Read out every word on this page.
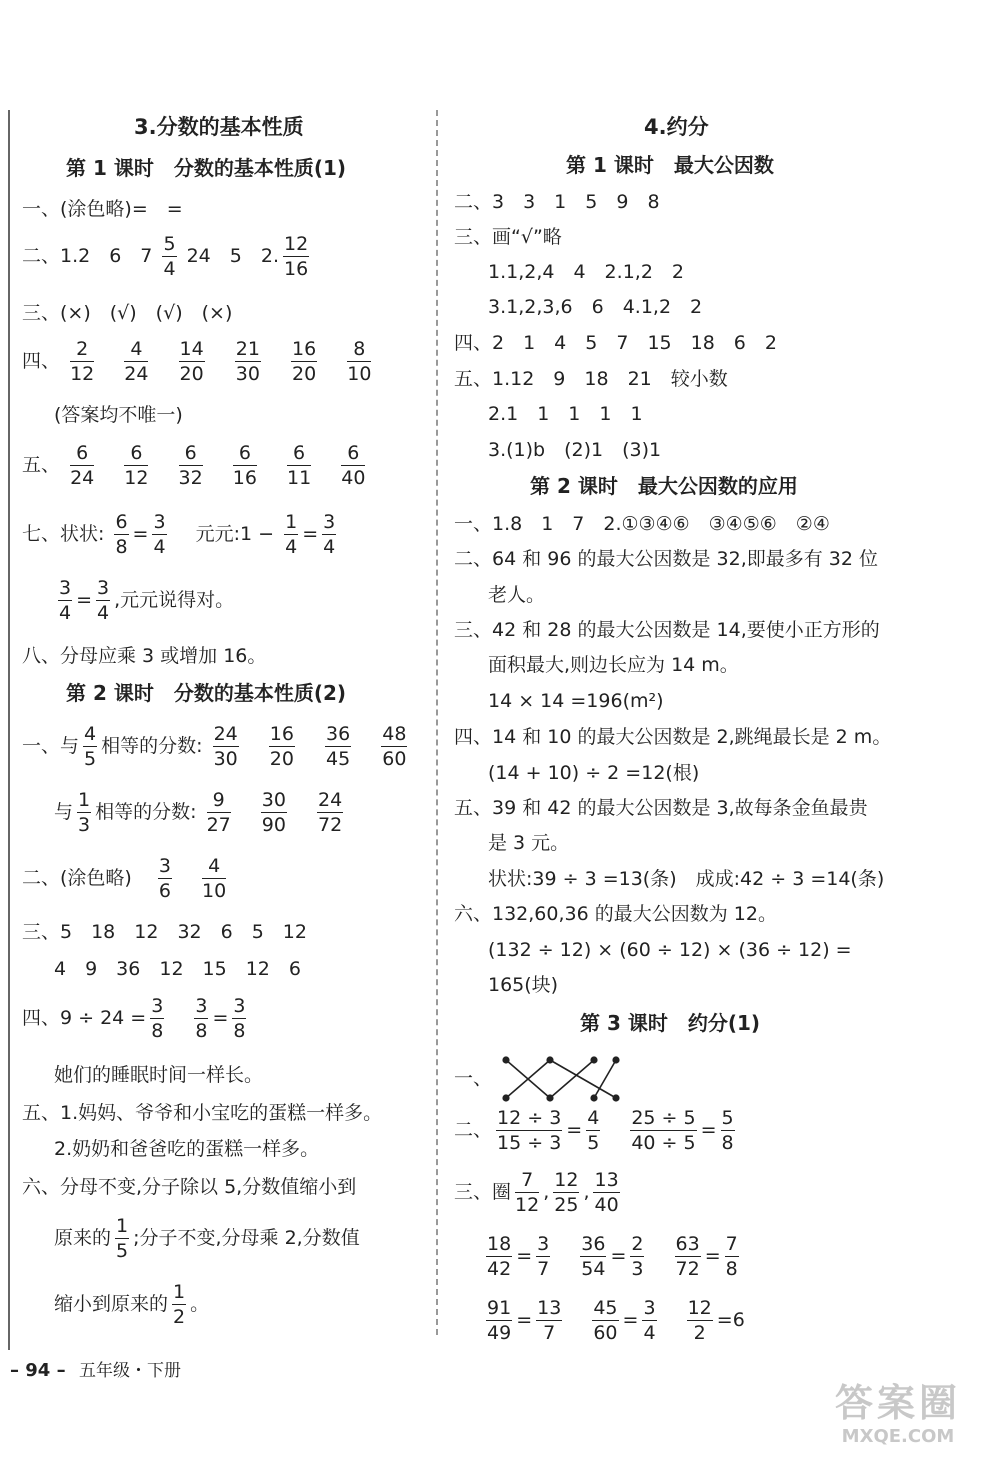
3.分数的基本性质
第 1 课时　分数的基本性质(1)
一、(涂色略)=　=
二、1.2　6　$7 \frac{5}{4} 24$　5　2. $\frac{12}{16}$
三、(×)　(√)　(√)　(×)
四、 $\frac{2}{12}$
$\frac{4}{24}$
$\frac{14}{20}$
$\frac{21}{30}$
$\frac{16}{20}$
$\frac{8}{10}$
(答案均不唯一)
五、 $\frac{6}{24}$
$\frac{6}{12}$
$\frac{6}{32}$
$\frac{6}{16}$
$\frac{6}{11}$
$\frac{6}{40}$
七、状状: $\frac{6}{8} = \frac{3}{4}$ 　元元:1 − $\frac{1}{4} = \frac{3}{4}$
$\frac{3}{4} = \frac{3}{4}$ ,元元说得对。
八、分母应乘 3 或增加 16。
第 2 课时　分数的基本性质(2)
一、与 $\frac{4}{5}$ 相等的分数: $\frac{24}{30}$
$\frac{16}{20}$
$\frac{36}{45}$
$\frac{48}{60}$
与 $\frac{1}{3}$ 相等的分数: $\frac{9}{27}$
$\frac{30}{90}$
$\frac{24}{72}$
二、(涂色略) $\frac{3}{6}$
$\frac{4}{10}$
三、5　18　12　32　6　5　12
4　9　36　12　15　12　6
四、$9 \div 24 = \frac{3}{8}$
$\frac{3}{8} = \frac{3}{8}$
她们的睡眠时间一样长。
五、1.妈妈、爷爷和小宝吃的蛋糕一样多。
2.奶奶和爸爸吃的蛋糕一样多。
六、分母不变,分子除以 5,分数值缩小到
原来的 $\frac{1}{5}$ ;分子不变,分母乘 2,分数值
缩小到原来的 $\frac{1}{2}$ 。
4.约分
第 1 课时　最大公因数
二、3　3　1　5　9　8
三、画“√”略
1.1,2,4　4　2.1,2　2
3.1,2,3,6　6　4.1,2　2
四、2　1　4　5　7　15　18　6　2
五、1.12　9　18　21　较小数
2.1　1　1　1　1
3.(1)b　(2)1　(3)1
第 2 课时　最大公因数的应用
一、1.8　1　7　2.①③④⑥　③④⑤⑥　②④
二、64 和 96 的最大公因数是 32,即最多有 32 位
老人。
三、42 和 28 的最大公因数是 14,要使小正方形的
面积最大,则边长应为 14 m。
14 × 14 =196(m²)
四、14 和 10 的最大公因数是 2,跳绳最长是 2 m。
(14 + 10) ÷ 2 =12(根)
五、39 和 42 的最大公因数是 3,故每条金鱼最贵
是 3 元。
状状:39 ÷ 3 =13(条)　成成:42 ÷ 3 =14(条)
六、132,60,36 的最大公因数为 12。
(132 ÷ 12) × (60 ÷ 12) × (36 ÷ 12) =
165(块)
第 3 课时　约分(1)
一、
二、 $\frac{12 \div 3}{15 \div 3} = \frac{4}{5}$
$\frac{25 \div 5}{40 \div 5} = \frac{5}{8}$
三、圈 $\frac{7}{12}$ , $\frac{12}{25}$ , $\frac{13}{40}$
$\frac{18}{42} = \frac{3}{7}$
$\frac{36}{54} = \frac{2}{3}$
$\frac{63}{72} = \frac{7}{8}$
$\frac{91}{49} = \frac{13}{7}$
$\frac{45}{60} = \frac{3}{4}$
$\frac{12}{2} =6$
– 94 – 五年级・下册
答案圈
MXQE.COM
